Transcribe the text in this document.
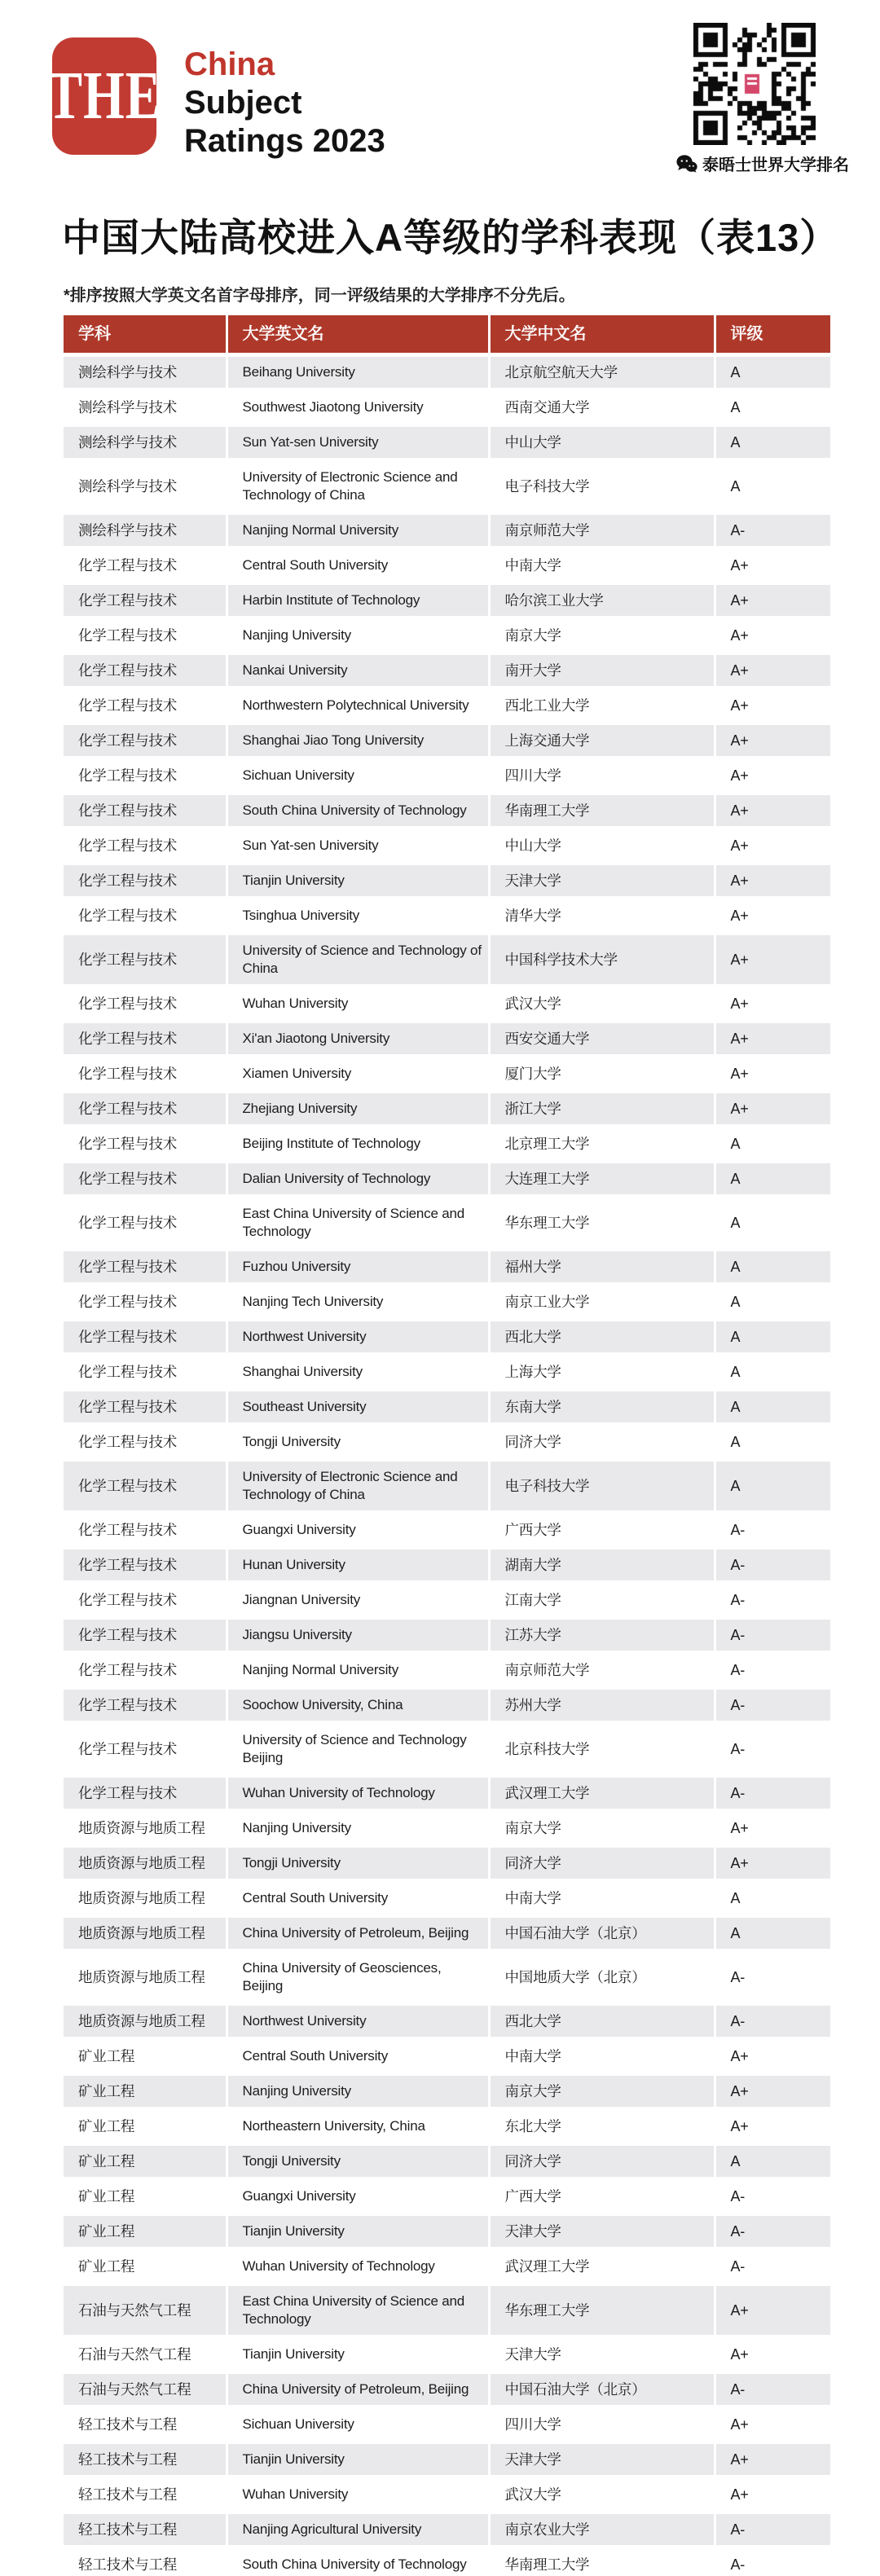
THE China
Subject
Ratings 2023
泰晤士世界大学排名
中国大陆高校进入A等级的学科表现（表13）

*排序按照大学英文名首字母排序，同一评级结果的大学排序不分先后。

学科	大学英文名	大学中文名	评级
测绘科学与技术	Beihang University	北京航空航天大学	A
测绘科学与技术	Southwest Jiaotong University	西南交通大学	A
测绘科学与技术	Sun Yat-sen University	中山大学	A
测绘科学与技术	University of Electronic Science and Technology of China	电子科技大学	A
测绘科学与技术	Nanjing Normal University	南京师范大学	A-
化学工程与技术	Central South University	中南大学	A+
化学工程与技术	Harbin Institute of Technology	哈尔滨工业大学	A+
化学工程与技术	Nanjing University	南京大学	A+
化学工程与技术	Nankai University	南开大学	A+
化学工程与技术	Northwestern Polytechnical University	西北工业大学	A+
化学工程与技术	Shanghai Jiao Tong University	上海交通大学	A+
化学工程与技术	Sichuan University	四川大学	A+
化学工程与技术	South China University of Technology	华南理工大学	A+
化学工程与技术	Sun Yat-sen University	中山大学	A+
化学工程与技术	Tianjin University	天津大学	A+
化学工程与技术	Tsinghua University	清华大学	A+
化学工程与技术	University of Science and Technology of China	中国科学技术大学	A+
化学工程与技术	Wuhan University	武汉大学	A+
化学工程与技术	Xi'an Jiaotong University	西安交通大学	A+
化学工程与技术	Xiamen University	厦门大学	A+
化学工程与技术	Zhejiang University	浙江大学	A+
化学工程与技术	Beijing Institute of Technology	北京理工大学	A
化学工程与技术	Dalian University of Technology	大连理工大学	A
化学工程与技术	East China University of Science and Technology	华东理工大学	A
化学工程与技术	Fuzhou University	福州大学	A
化学工程与技术	Nanjing Tech University	南京工业大学	A
化学工程与技术	Northwest University	西北大学	A
化学工程与技术	Shanghai University	上海大学	A
化学工程与技术	Southeast University	东南大学	A
化学工程与技术	Tongji University	同济大学	A
化学工程与技术	University of Electronic Science and Technology of China	电子科技大学	A
化学工程与技术	Guangxi University	广西大学	A-
化学工程与技术	Hunan University	湖南大学	A-
化学工程与技术	Jiangnan University	江南大学	A-
化学工程与技术	Jiangsu University	江苏大学	A-
化学工程与技术	Nanjing Normal University	南京师范大学	A-
化学工程与技术	Soochow University, China	苏州大学	A-
化学工程与技术	University of Science and Technology Beijing	北京科技大学	A-
化学工程与技术	Wuhan University of Technology	武汉理工大学	A-
地质资源与地质工程	Nanjing University	南京大学	A+
地质资源与地质工程	Tongji University	同济大学	A+
地质资源与地质工程	Central South University	中南大学	A
地质资源与地质工程	China University of Petroleum, Beijing	中国石油大学（北京）	A
地质资源与地质工程	China University of Geosciences, Beijing	中国地质大学（北京）	A-
地质资源与地质工程	Northwest University	西北大学	A-
矿业工程	Central South University	中南大学	A+
矿业工程	Nanjing University	南京大学	A+
矿业工程	Northeastern University, China	东北大学	A+
矿业工程	Tongji University	同济大学	A
矿业工程	Guangxi University	广西大学	A-
矿业工程	Tianjin University	天津大学	A-
矿业工程	Wuhan University of Technology	武汉理工大学	A-
石油与天然气工程	East China University of Science and Technology	华东理工大学	A+
石油与天然气工程	Tianjin University	天津大学	A+
石油与天然气工程	China University of Petroleum, Beijing	中国石油大学（北京）	A-
轻工技术与工程	Sichuan University	四川大学	A+
轻工技术与工程	Tianjin University	天津大学	A+
轻工技术与工程	Wuhan University	武汉大学	A+
轻工技术与工程	Nanjing Agricultural University	南京农业大学	A-
轻工技术与工程	South China University of Technology	华南理工大学	A-
